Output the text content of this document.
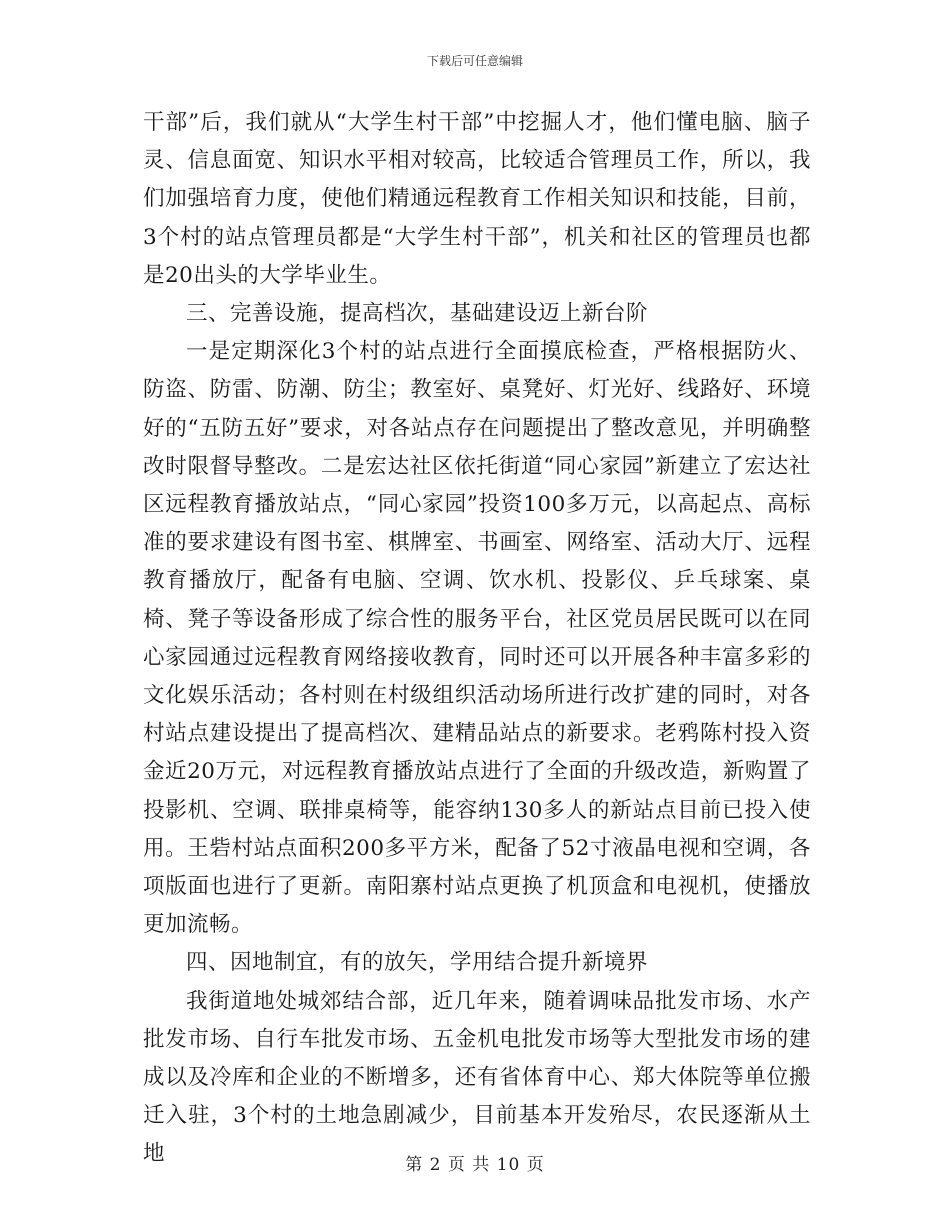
下载后可任意编辑

干部”后，我们就从“大学生村干部”中挖掘人才，他们懂电脑、脑子灵、信息面宽、知识水平相对较高，比较适合管理员工作，所以，我们加强培育力度，使他们精通远程教育工作相关知识和技能，目前，3个村的站点管理员都是“大学生村干部”，机关和社区的管理员也都是20出头的大学毕业生。

三、完善设施，提高档次，基础建设迈上新台阶

一是定期深化3个村的站点进行全面摸底检查，严格根据防火、防盗、防雷、防潮、防尘；教室好、桌凳好、灯光好、线路好、环境好的“五防五好”要求，对各站点存在问题提出了整改意见，并明确整改时限督导整改。二是宏达社区依托街道“同心家园”新建立了宏达社区远程教育播放站点，“同心家园”投资100多万元，以高起点、高标准的要求建设有图书室、棋牌室、书画室、网络室、活动大厅、远程教育播放厅，配备有电脑、空调、饮水机、投影仪、乒乓球案、桌椅、凳子等设备形成了综合性的服务平台，社区党员居民既可以在同心家园通过远程教育网络接收教育，同时还可以开展各种丰富多彩的文化娱乐活动；各村则在村级组织活动场所进行改扩建的同时，对各村站点建设提出了提高档次、建精品站点的新要求。老鸦陈村投入资金近20万元，对远程教育播放站点进行了全面的升级改造，新购置了投影机、空调、联排桌椅等，能容纳130多人的新站点目前已投入使用。王砦村站点面积200多平方米，配备了52寸液晶电视和空调，各项版面也进行了更新。南阳寨村站点更换了机顶盒和电视机，使播放更加流畅。

四、因地制宜，有的放矢，学用结合提升新境界

我街道地处城郊结合部，近几年来，随着调味品批发市场、水产批发市场、自行车批发市场、五金机电批发市场等大型批发市场的建成以及冷库和企业的不断增多，还有省体育中心、郑大体院等单位搬迁入驻，3个村的土地急剧减少，目前基本开发殆尽，农民逐渐从土地	第 2 页 共 10 页
